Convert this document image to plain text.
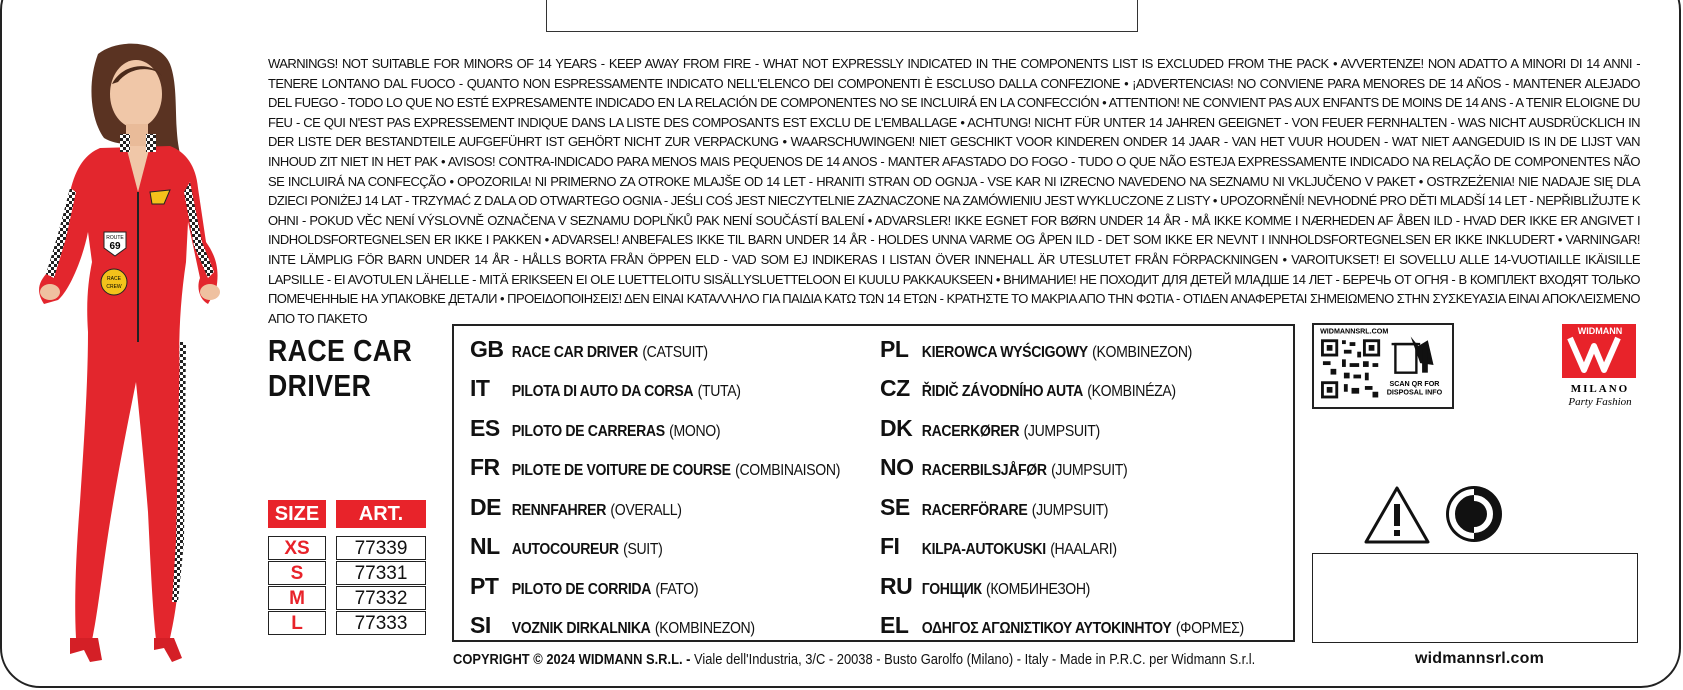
ROUTE
69
RACE
CREW
WARNINGS! NOT SUITABLE FOR MINORS OF 14 YEARS - KEEP AWAY FROM FIRE - WHAT NOT EXPRESSLY INDICATED IN THE COMPONENTS LIST IS EXCLUDED FROM THE PACK • AVVERTENZE! NON ADATTO A MINORI DI 14 ANNI - TENERE LONTANO DAL FUOCO - QUANTO NON ESPRESSAMENTE INDICATO NELL'ELENCO DEI COMPONENTI È ESCLUSO DALLA CONFEZIONE • ¡ADVERTENCIAS! NO CONVIENE PARA MENORES DE 14 AÑOS - MANTENER ALEJADO DEL FUEGO - TODO LO QUE NO ESTÉ EXPRESAMENTE INDICADO EN LA RELACIÓN DE COMPONENTES NO SE INCLUIRÁ EN LA CONFECCIÓN • ATTENTION! NE CONVIENT PAS AUX ENFANTS DE MOINS DE 14 ANS - A TENIR ELOIGNE DU FEU - CE QUI N'EST PAS EXPRESSEMENT INDIQUE DANS LA LISTE DES COMPOSANTS EST EXCLU DE L'EMBALLAGE • ACHTUNG! NICHT FÜR UNTER 14 JAHREN GEEIGNET - VON FEUER FERNHALTEN - WAS NICHT AUSDRÜCKLICH IN DER LISTE DER BESTANDTEILE AUFGEFÜHRT IST GEHÖRT NICHT ZUR VERPACKUNG • WAARSCHUWINGEN! NIET GESCHIKT VOOR KINDEREN ONDER 14 JAAR - VAN HET VUUR HOUDEN - WAT NIET AANGEDUID IS IN DE LIJST VAN INHOUD ZIT NIET IN HET PAK • AVISOS! CONTRA-INDICADO PARA MENOS MAIS PEQUENOS DE 14 ANOS - MANTER AFASTADO DO FOGO - TUDO O QUE NÃO ESTEJA EXPRESSAMENTE INDICADO NA RELAÇÃO DE COMPONENTES NÃO SE INCLUIRÁ NA CONFECÇÃO • OPOZORILA! NI PRIMERNO ZA OTROKE MLAJŠE OD 14 LET - HRANITI STRAN OD OGNJA - VSE KAR NI IZRECNO NAVEDENO NA SEZNAMU NI VKLJUČENO V PAKET • OSTRZEŻENIA! NIE NADAJE SIĘ DLA DZIECI PONIŻEJ 14 LAT - TRZYMAĆ Z DALA OD OTWARTEGO OGNIA - JEŚLI COŚ JEST NIECZYTELNIE ZAZNACZONE NA ZAMÓWIENIU JEST WYKLUCZONE Z LISTY • UPOZORNĚNÍ! NEVHODNÉ PRO DĚTI MLADŠÍ 14 LET - NEPŘIBLIŽUJTE K OHNI - POKUD VĚC NENÍ VÝSLOVNĚ OZNAČENA V SEZNAMU DOPLŇKŮ PAK NENÍ SOUČÁSTÍ BALENÍ • ADVARSLER! IKKE EGNET FOR BØRN UNDER 14 ÅR - MÅ IKKE KOMME I NÆRHEDEN AF ÅBEN ILD - HVAD DER IKKE ER ANGIVET I INDHOLDSFORTEGNELSEN ER IKKE I PAKKEN • ADVARSEL! ANBEFALES IKKE TIL BARN UNDER 14 ÅR - HOLDES UNNA VARME OG ÅPEN ILD - DET SOM IKKE ER NEVNT I INNHOLDSFORTEGNELSEN ER IKKE INKLUDERT • VARNINGAR! INTE LÄMPLIG FÖR BARN UNDER 14 ÅR - HÅLLS BORTA FRÅN ÖPPEN ELD - VAD SOM EJ INDIKERAS I LISTAN ÖVER INNEHALL ÄR UTESLUTET FRÅN FÖRPACKNINGEN • VAROITUKSET! EI SOVELLU ALLE 14-VUOTIAILLE IKÄISILLE LAPSILLE - EI AVOTULEN LÄHELLE - MITÄ ERIKSEEN EI OLE LUETTELOITU SISÄLLYSLUETTELOON EI KUULU PAKKAUKSEEN • ВНИМАНИЕ! НЕ ПОХОДИТ ДЛЯ ДЕТЕЙ МЛАДШЕ 14 ЛЕТ - БЕРЕЧЬ ОТ ОГНЯ - В КОМПЛЕКТ ВХОДЯТ ТОЛЬКО ПОМЕЧЕННЫЕ НА УПАКОВКЕ ДЕТАЛИ • ΠΡΟΕΙΔΟΠΟΙΗΣΕΙΣ! ΔΕΝ ΕΙΝΑΙ ΚΑΤΑΛΛΗΛΟ ΓΙΑ ΠΑΙΔΙΑ ΚΑΤΩ ΤΩΝ 14 ΕΤΩΝ - ΚΡΑΤΗΣΤΕ ΤΟ ΜΑΚΡΙΑ ΑΠΟ ΤΗΝ ΦΩΤΙΑ - ΟΤΙΔΕΝ ΑΝΑΦΕΡΕΤΑΙ ΣΗΜΕΙΩΜΕΝΟ ΣΤΗΝ ΣΥΣΚΕΥΑΣΙΑ ΕΙΝΑΙ ΑΠΟΚΛΕΙΣΜΕΝΟ ΑΠΟ ΤΟ ΠΑΚΕΤΟ
RACE CAR
DRIVER
SIZE	ART.
XS	77339
S	77331
M	77332
L	77333
GB RACE CAR DRIVER (CATSUIT)
IT	PILOTA DI AUTO DA CORSA (TUTA)
ES PILOTO DE CARRERAS (MONO)
FR PILOTE DE VOITURE DE COURSE (COMBINAISON)
DE RENNFAHRER (OVERALL)
NL AUTOCOUREUR (SUIT)
PT PILOTO DE CORRIDA (FATO)
SI	VOZNIK DIRKALNIKA (KOMBINEZON)
PL KIEROWCA WYŚCIGOWY (KOMBINEZON)
CZ ŘIDIČ ZÁVODNÍHO AUTA (KOMBINÉZA)
DK RACERKØRER (JUMPSUIT)
NO RACERBILSJÅFØR (JUMPSUIT)
SE RACERFÖRARE (JUMPSUIT)
FI	KILPA-AUTOKUSKI (HAALARI)
RU ГОНЩИК (КОМБИНЕЗОН)
EL ΟΔΗΓΟΣ ΑΓΩΝΙΣΤΙΚΟΥ ΑΥΤΟΚΙΝΗΤΟΥ (ΦΟΡΜΕΣ)
WIDMANNSRL.COM
SCAN QR FOR
DISPOSAL INFO
WIDMANN
MILANO
Party Fashion
COPYRIGHT © 2024 WIDMANN S.R.L. - Viale dell'Industria, 3/C - 20038 - Busto Garolfo (Milano) - Italy - Made in P.R.C. per Widmann S.r.l.	widmannsrl.com
